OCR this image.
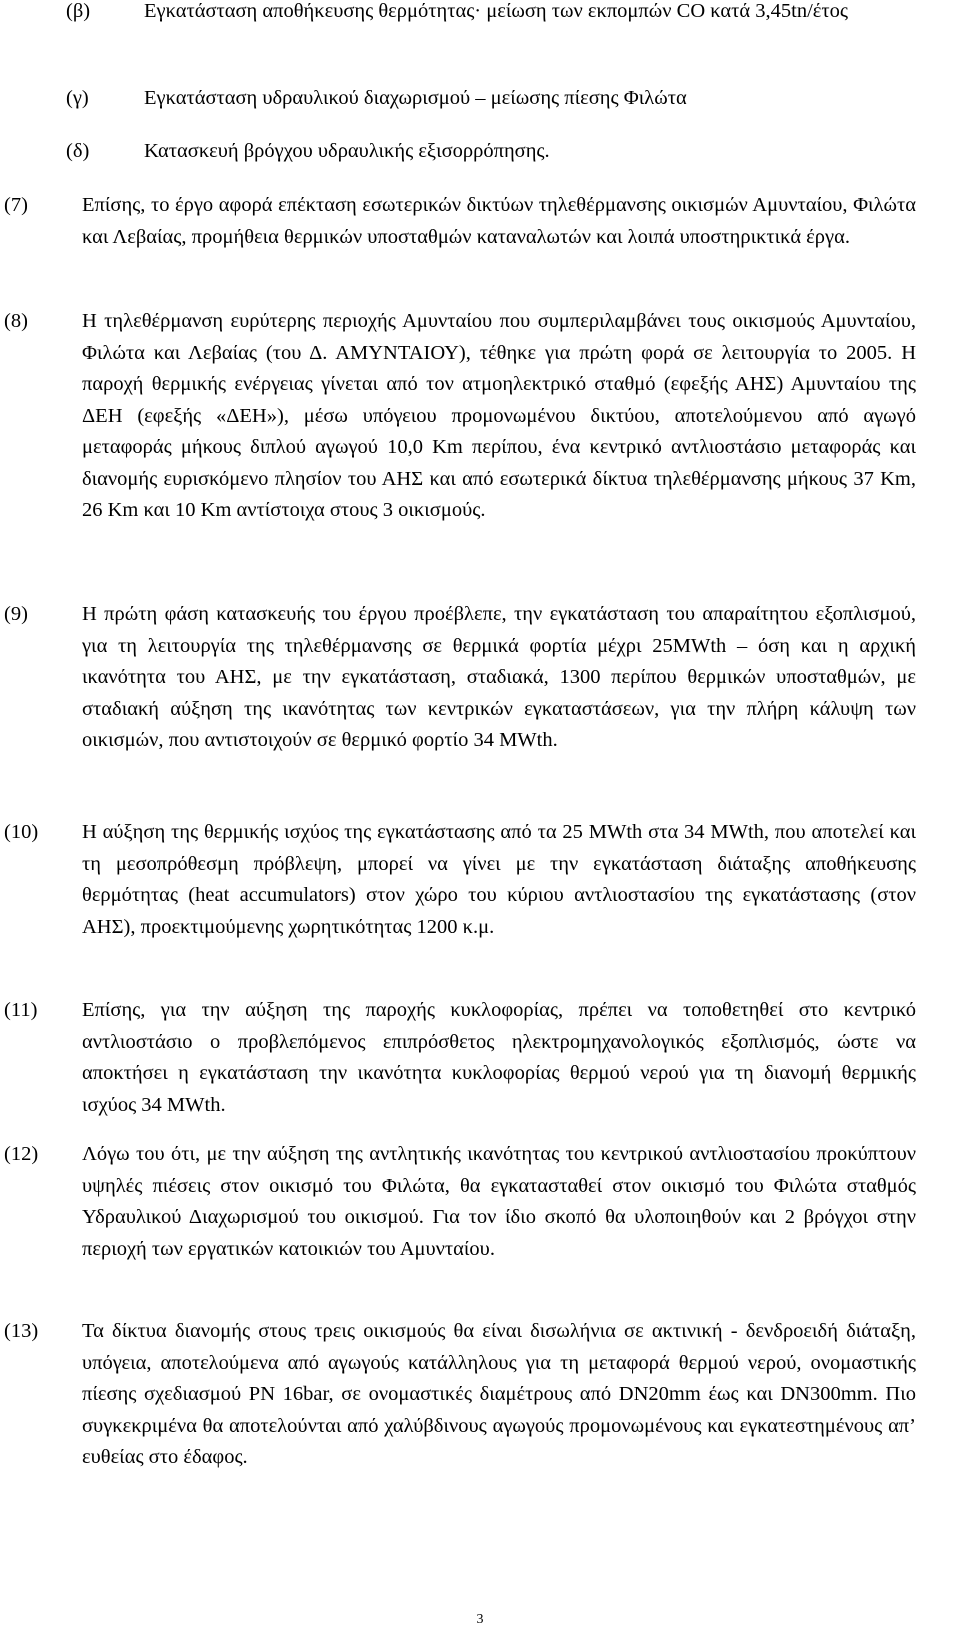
(β)	Εγκατάσταση αποθήκευσης θερμότητας· μείωση των εκπομπών CO κατά 3,45tn/έτος
(γ)	Εγκατάσταση υδραυλικού διαχωρισμού – μείωσης πίεσης Φιλώτα
(δ)	Κατασκευή βρόγχου υδραυλικής εξισορρόπησης.
(7)	Επίσης, το έργο αφορά επέκταση εσωτερικών δικτύων τηλεθέρμανσης οικισμών Αμυνταίου, Φιλώτα και Λεβαίας, προμήθεια θερμικών υποσταθμών καταναλωτών και λοιπά υποστηρικτικά έργα.
(8)	Η τηλεθέρμανση ευρύτερης περιοχής Αμυνταίου που συμπεριλαμβάνει τους οικισμούς Αμυνταίου, Φιλώτα και Λεβαίας (του Δ. ΑΜΥΝΤΑΙΟΥ), τέθηκε για πρώτη φορά σε λειτουργία το 2005. Η παροχή θερμικής ενέργειας γίνεται από τον ατμοηλεκτρικό σταθμό (εφεξής ΑΗΣ) Αμυνταίου της ΔΕΗ (εφεξής «ΔΕΗ»), μέσω υπόγειου προμονωμένου δικτύου, αποτελούμενου από αγωγό μεταφοράς μήκους διπλού αγωγού 10,0 Km περίπου, ένα κεντρικό αντλιοστάσιο μεταφοράς και διανομής ευρισκόμενο πλησίον του ΑΗΣ και από εσωτερικά δίκτυα τηλεθέρμανσης μήκους 37 Km, 26 Km και 10 Km αντίστοιχα στους 3 οικισμούς.
(9)	Η πρώτη φάση κατασκευής του έργου προέβλεπε, την εγκατάσταση του απαραίτητου εξοπλισμού, για τη λειτουργία της τηλεθέρμανσης σε θερμικά φορτία μέχρι 25MWth – όση και η αρχική ικανότητα του ΑΗΣ, με την εγκατάσταση, σταδιακά, 1300 περίπου θερμικών υποσταθμών, με σταδιακή αύξηση της ικανότητας των κεντρικών εγκαταστάσεων, για την πλήρη κάλυψη των οικισμών, που αντιστοιχούν σε θερμικό φορτίο 34 MWth.
(10) Η αύξηση της θερμικής ισχύος της εγκατάστασης από τα 25 MWth στα 34 MWth, που αποτελεί και τη μεσοπρόθεσμη πρόβλεψη, μπορεί να γίνει με την εγκατάσταση διάταξης αποθήκευσης θερμότητας (heat accumulators) στον χώρο του κύριου αντλιοστασίου της εγκατάστασης (στον ΑΗΣ), προεκτιμούμενης χωρητικότητας 1200 κ.μ.
(11) Επίσης, για την αύξηση της παροχής κυκλοφορίας, πρέπει να τοποθετηθεί στο κεντρικό αντλιοστάσιο ο προβλεπόμενος επιπρόσθετος ηλεκτρομηχανολογικός εξοπλισμός, ώστε να αποκτήσει η εγκατάσταση την ικανότητα κυκλοφορίας θερμού νερού για τη διανομή θερμικής ισχύος 34 MWth.
(12) Λόγω του ότι, με την αύξηση της αντλητικής ικανότητας του κεντρικού αντλιοστασίου προκύπτουν υψηλές πιέσεις στον οικισμό του Φιλώτα, θα εγκατασταθεί στον οικισμό του Φιλώτα σταθμός Υδραυλικού Διαχωρισμού του οικισμού. Για τον ίδιο σκοπό θα υλοποιηθούν και 2 βρόγχοι στην περιοχή των εργατικών κατοικιών του Αμυνταίου.
(13) Τα δίκτυα διανομής στους τρεις οικισμούς θα είναι δισωλήνια σε ακτινική - δενδροειδή διάταξη, υπόγεια, αποτελούμενα από αγωγούς κατάλληλους για τη μεταφορά θερμού νερού, ονομαστικής πίεσης σχεδιασμού PN 16bar, σε ονομαστικές διαμέτρους από DN20mm έως και DN300mm. Πιο συγκεκριμένα θα αποτελούνται από χαλύβδινους αγωγούς προμονωμένους και εγκατεστημένους απ’ ευθείας στο έδαφος.
3
